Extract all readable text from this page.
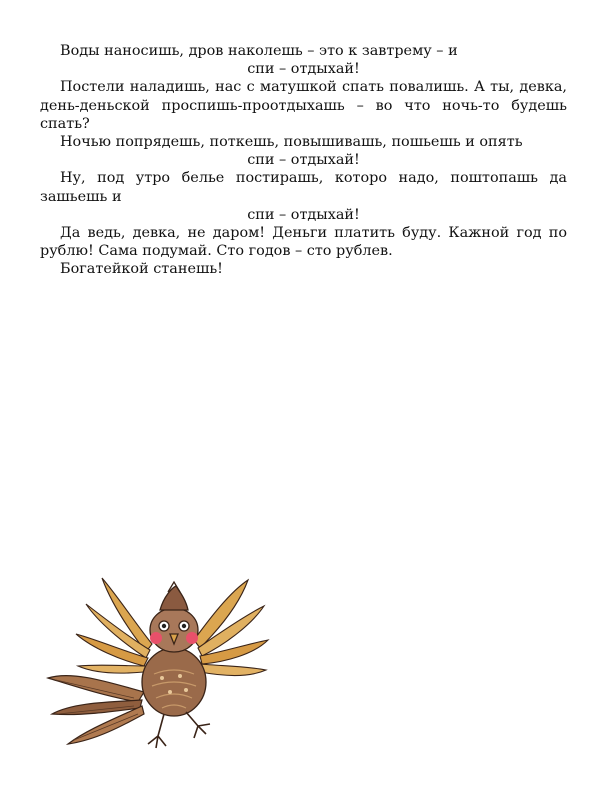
Воды наносишь, дров наколешь – это к завтрему – и

спи – отдыхай!

Постели наладишь, нас с матушкой спать повалишь. А ты, девка, день-деньской проспишь-проотдыхашь – во что ночь-то будешь спать?

Ночью попрядешь, поткешь, повышивашь, пошьешь и опять

спи – отдыхай!

Ну, под утро белье постирашь, которо надо, поштопашь да зашьешь и

спи – отдыхай!

Да ведь, девка, не даром! Деньги платить буду. Кажной год по рублю! Сама подумай. Сто годов – сто рублев.

Богатейкой станешь!
